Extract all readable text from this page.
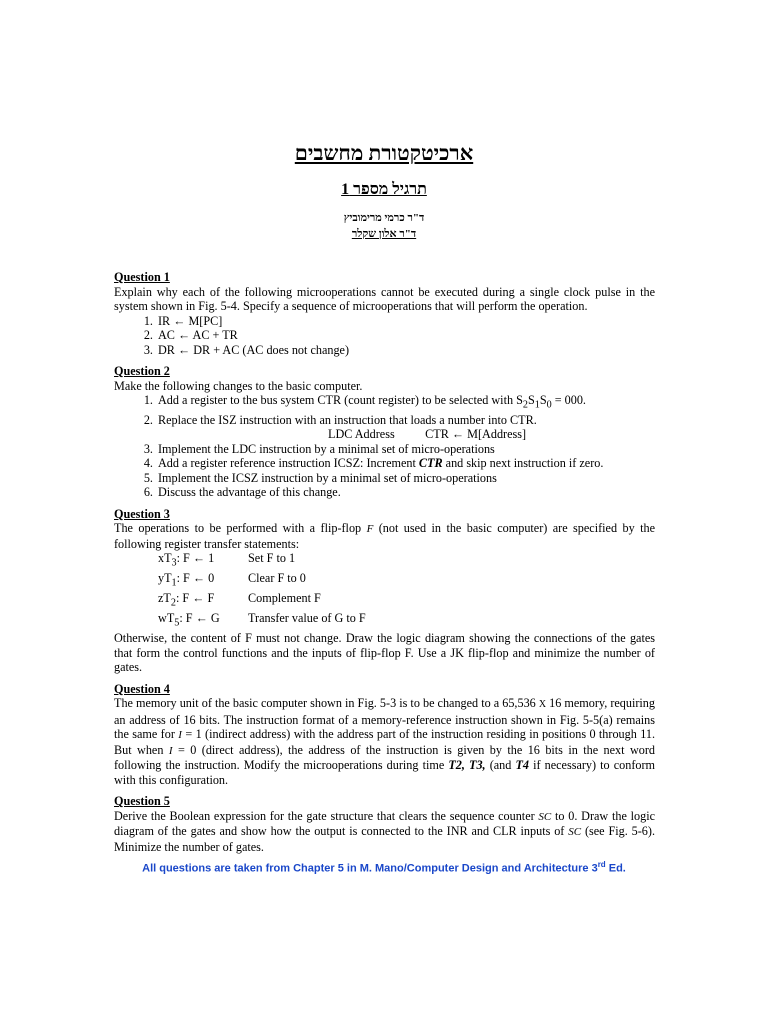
ארכיטקטורת מחשבים
תרגיל מספר 1
ד"ר כרמי מרימוביץ
ד"ר אלון שקלר
Question 1

Explain why each of the following microoperations cannot be executed during a single clock pulse in the system shown in Fig. 5-4. Specify a sequence of microoperations that will perform the operation.

1. IR ← M[PC]
2. AC ← AC + TR
3. DR ← DR + AC (AC does not change)
Question 2

Make the following changes to the basic computer.

1. Add a register to the bus system CTR (count register) to be selected with $S_2S_1S_0 = 000$.
2. Replace the ISZ instruction with an instruction that loads a number into CTR.
LDC Address CTR ← M[Address]
3. Implement the LDC instruction by a minimal set of micro-operations
4. Add a register reference instruction ICSZ: Increment CTR and skip next instruction if zero.
5. Implement the ICSZ instruction by a minimal set of micro-operations
6. Discuss the advantage of this change.
Question 3

The operations to be performed with a flip-flop F (not used in the basic computer) are specified by the following register transfer statements:

$xT_3$: F ← 1	Set F to 1
$yT_1$: F ← 0	Clear F to 0
$zT_2$: F ← F	Complement F
$wT_5$: F ← G	Transfer value of G to F

Otherwise, the content of F must not change. Draw the logic diagram showing the connections of the gates that form the control functions and the inputs of flip-flop F. Use a JK flip-flop and minimize the number of gates.

Question 4

The memory unit of the basic computer shown in Fig. 5-3 is to be changed to a 65,536 X 16 memory, requiring an address of 16 bits. The instruction format of a memory-reference instruction shown in Fig. 5-5(a) remains the same for I = 1 (indirect address) with the address part of the instruction residing in positions 0 through 11. But when I = 0 (direct address), the address of the instruction is given by the 16 bits in the next word following the instruction. Modify the microoperations during time T2, T3, (and T4 if necessary) to conform with this configuration.

Question 5

Derive the Boolean expression for the gate structure that clears the sequence counter SC to 0. Draw the logic diagram of the gates and show how the output is connected to the INR and CLR inputs of SC (see Fig. 5-6). Minimize the number of gates.

All questions are taken from Chapter 5 in M. Mano/Computer Design and Architecture 3rd Ed.
